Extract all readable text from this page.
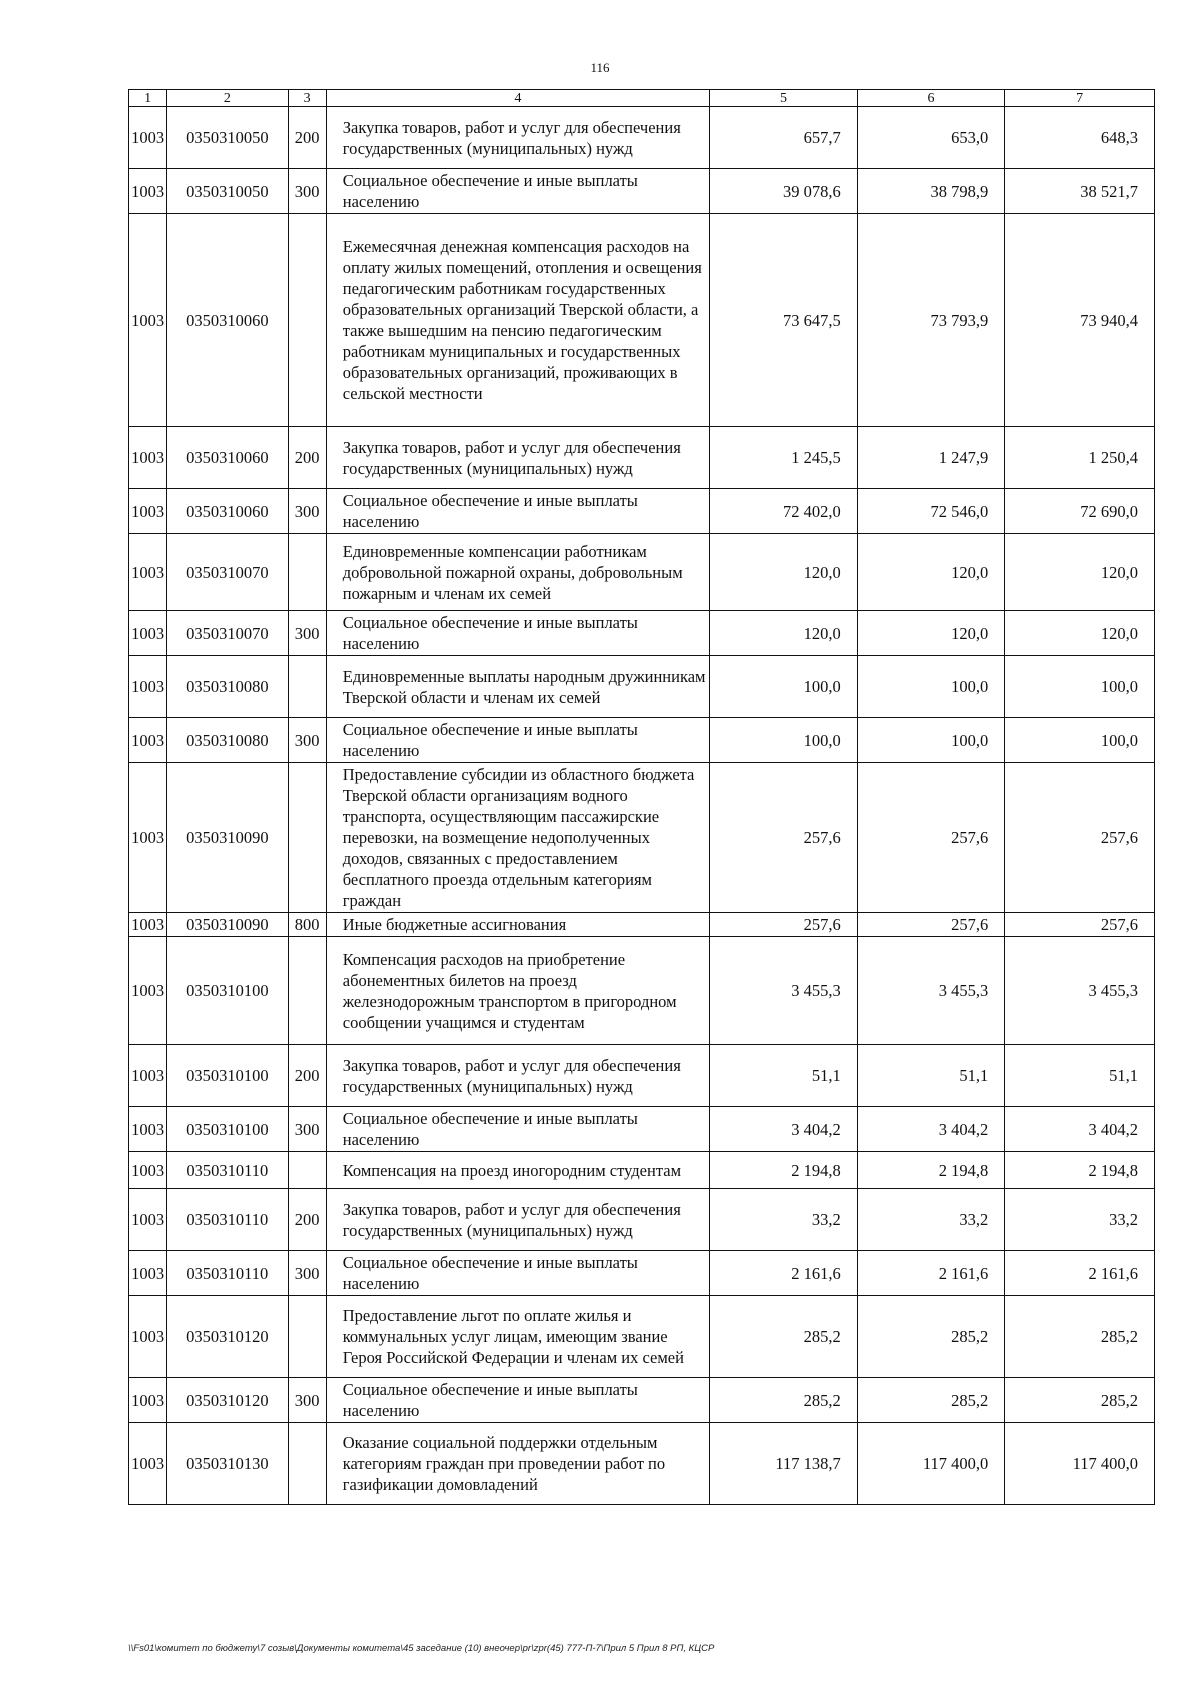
116
1	2	3	4	5	6	7
1003	0350310050	200	Закупка товаров, работ и услуг для обеспечения государственных (муниципальных) нужд	657,7	653,0	648,3
1003	0350310050	300	Социальное обеспечение и иные выплаты населению	39 078,6	38 798,9	38 521,7
1003	0350310060		Ежемесячная денежная компенсация расходов на оплату жилых помещений, отопления и освещения педагогическим работникам государственных образовательных организаций Тверской области, а также вышедшим на пенсию педагогическим работникам муниципальных и государственных образовательных организаций, проживающих в сельской местности	73 647,5	73 793,9	73 940,4
1003	0350310060	200	Закупка товаров, работ и услуг для обеспечения государственных (муниципальных) нужд	1 245,5	1 247,9	1 250,4
1003	0350310060	300	Социальное обеспечение и иные выплаты населению	72 402,0	72 546,0	72 690,0
1003	0350310070		Единовременные компенсации работникам добровольной пожарной охраны, добровольным пожарным и членам их семей	120,0	120,0	120,0
1003	0350310070	300	Социальное обеспечение и иные выплаты населению	120,0	120,0	120,0
1003	0350310080		Единовременные выплаты народным дружинникам Тверской области и членам их семей	100,0	100,0	100,0
1003	0350310080	300	Социальное обеспечение и иные выплаты населению	100,0	100,0	100,0
1003	0350310090		Предоставление субсидии из областного бюджета Тверской области организациям водного транспорта, осуществляющим пассажирские перевозки, на возмещение недополученных доходов, связанных с предоставлением бесплатного проезда отдельным категориям граждан	257,6	257,6	257,6
1003	0350310090	800	Иные бюджетные ассигнования	257,6	257,6	257,6
1003	0350310100		Компенсация расходов на приобретение абонементных билетов на проезд железнодорожным транспортом в пригородном сообщении учащимся и студентам	3 455,3	3 455,3	3 455,3
1003	0350310100	200	Закупка товаров, работ и услуг для обеспечения государственных (муниципальных) нужд	51,1	51,1	51,1
1003	0350310100	300	Социальное обеспечение и иные выплаты населению	3 404,2	3 404,2	3 404,2
1003	0350310110		Компенсация на проезд иногородним студентам	2 194,8	2 194,8	2 194,8
1003	0350310110	200	Закупка товаров, работ и услуг для обеспечения государственных (муниципальных) нужд	33,2	33,2	33,2
1003	0350310110	300	Социальное обеспечение и иные выплаты населению	2 161,6	2 161,6	2 161,6
1003	0350310120		Предоставление льгот по оплате жилья и коммунальных услуг лицам, имеющим звание Героя Российской Федерации и членам их семей	285,2	285,2	285,2
1003	0350310120	300	Социальное обеспечение и иные выплаты населению	285,2	285,2	285,2
1003	0350310130		Оказание социальной поддержки отдельным категориям граждан при проведении работ по газификации домовладений	117 138,7	117 400,0	117 400,0
\\Fs01\комитет по бюджету\7 созыв\Документы комитета\45 заседание (10) внеочер\pr\zpr(45) 777-П-7\Прил 5 Прил 8 РП, КЦСР
